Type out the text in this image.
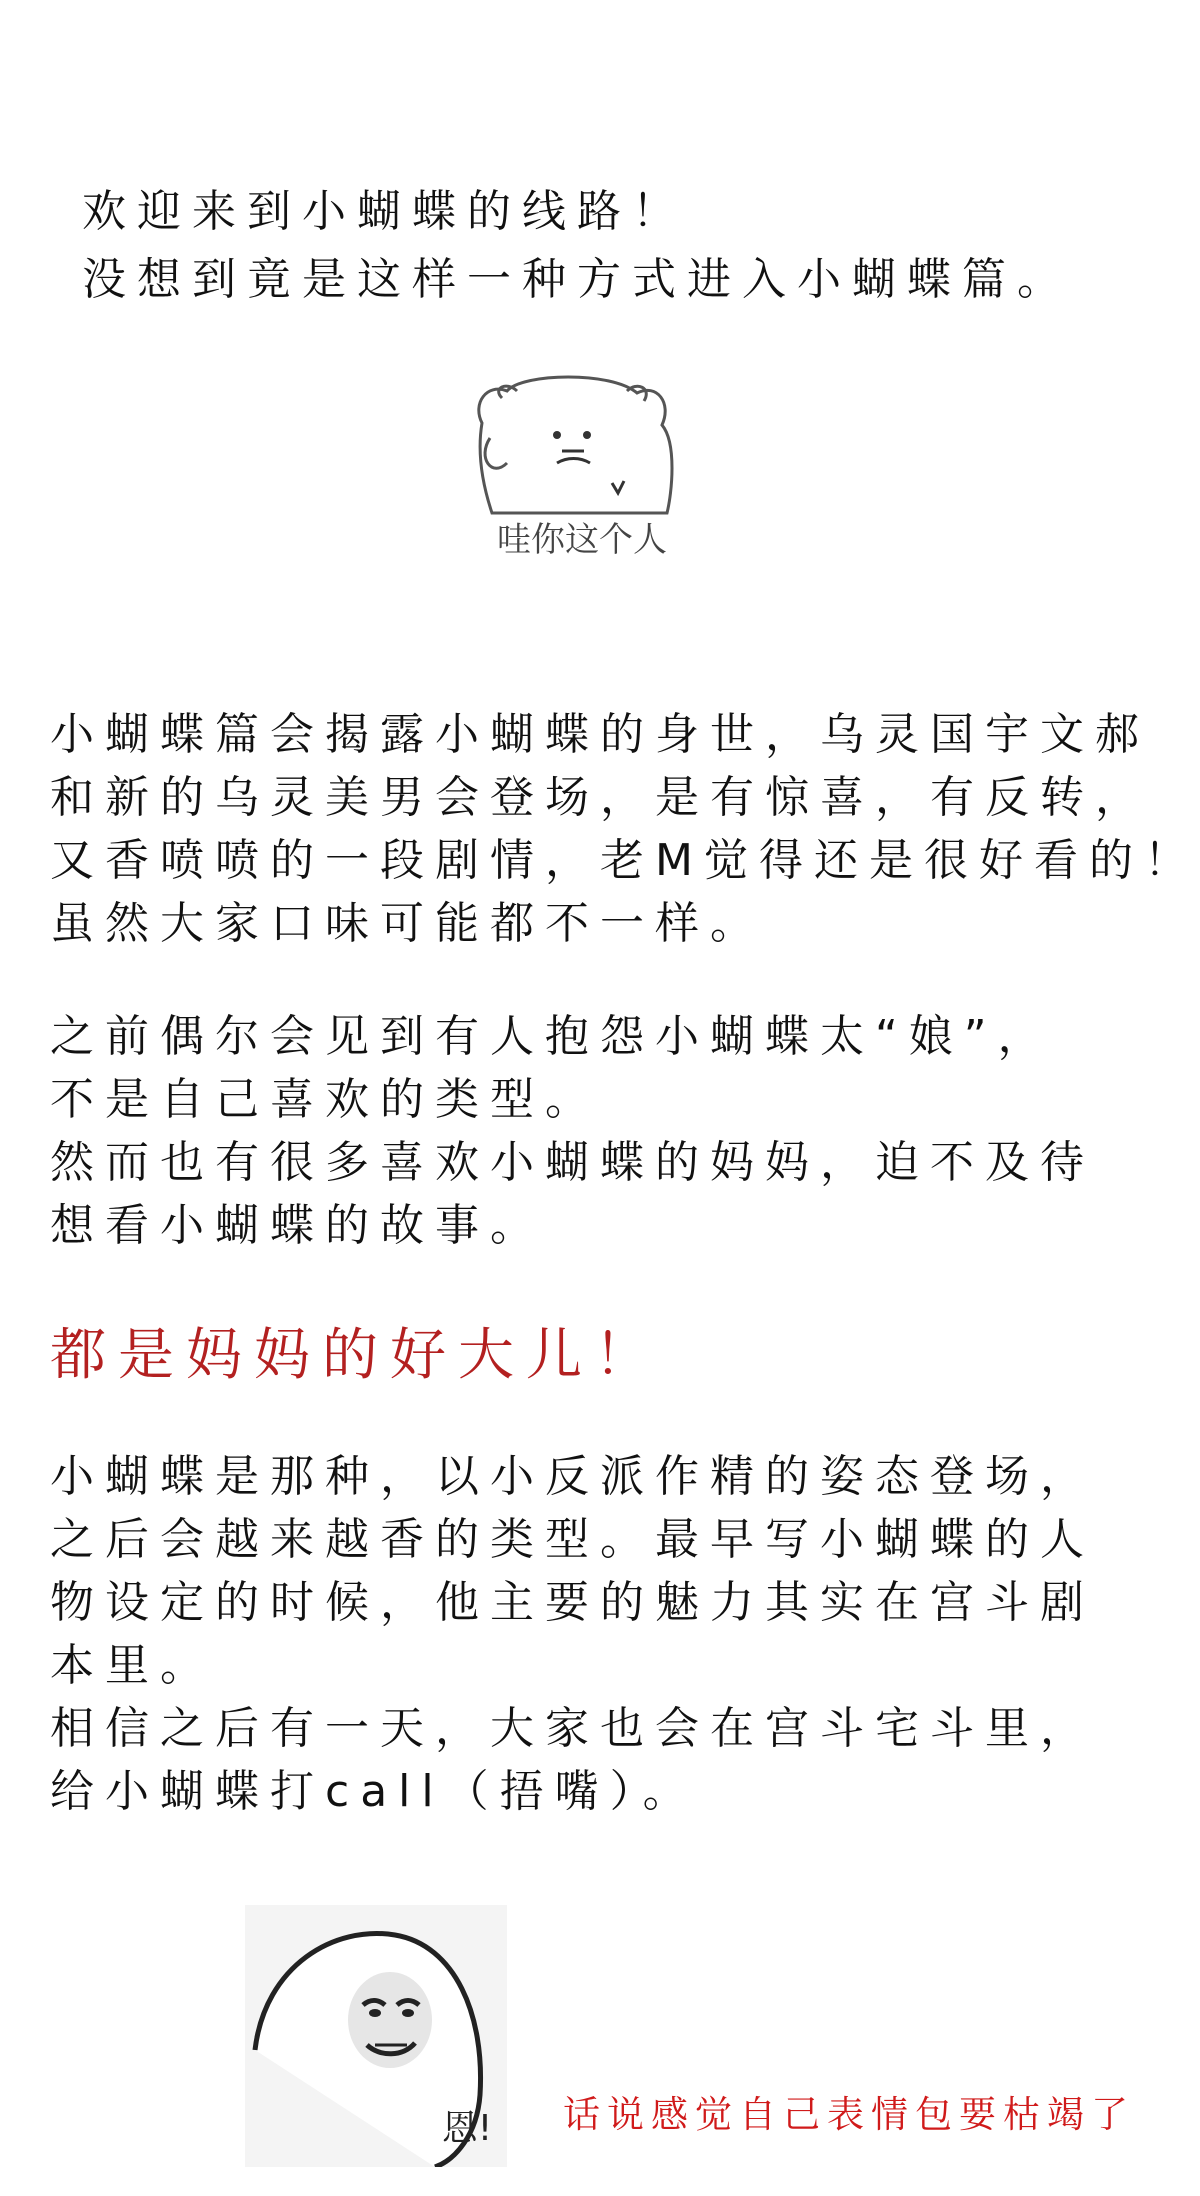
欢迎来到小蝴蝶的线路！
没想到竟是这样一种方式进入小蝴蝶篇。
哇你这个人
小蝴蝶篇会揭露小蝴蝶的身世，乌灵国宇文郝
和新的乌灵美男会登场，是有惊喜，有反转，
又香喷喷的一段剧情，老M觉得还是很好看的！
虽然大家口味可能都不一样。
之前偶尔会见到有人抱怨小蝴蝶太“娘”，
不是自己喜欢的类型。
然而也有很多喜欢小蝴蝶的妈妈，迫不及待
想看小蝴蝶的故事。
都是妈妈的好大儿！
小蝴蝶是那种，以小反派作精的姿态登场，
之后会越来越香的类型。最早写小蝴蝶的人
物设定的时候，他主要的魅力其实在宫斗剧
本里。
相信之后有一天，大家也会在宫斗宅斗里，
给小蝴蝶打call（捂嘴）。
恩! 话说感觉自己表情包要枯竭了
